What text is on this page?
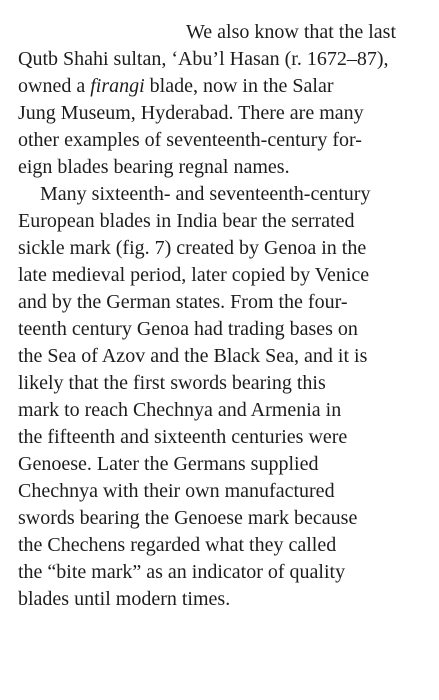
We also know that the last
Qutb Shahi sultan, ‘Abu’l Hasan (r. 1672–87),
owned a firangi blade, now in the Salar
Jung Museum, Hyderabad. There are many
other examples of seventeenth-century for-
eign blades bearing regnal names.
Many sixteenth- and seventeenth-century
European blades in India bear the serrated
sickle mark (fig. 7) created by Genoa in the
late medieval period, later copied by Venice
and by the German states. From the four-
teenth century Genoa had trading bases on
the Sea of Azov and the Black Sea, and it is
likely that the first swords bearing this
mark to reach Chechnya and Armenia in
the fifteenth and sixteenth centuries were
Genoese. Later the Germans supplied
Chechnya with their own manufactured
swords bearing the Genoese mark because
the Chechens regarded what they called
the “bite mark” as an indicator of quality
blades until modern times.
